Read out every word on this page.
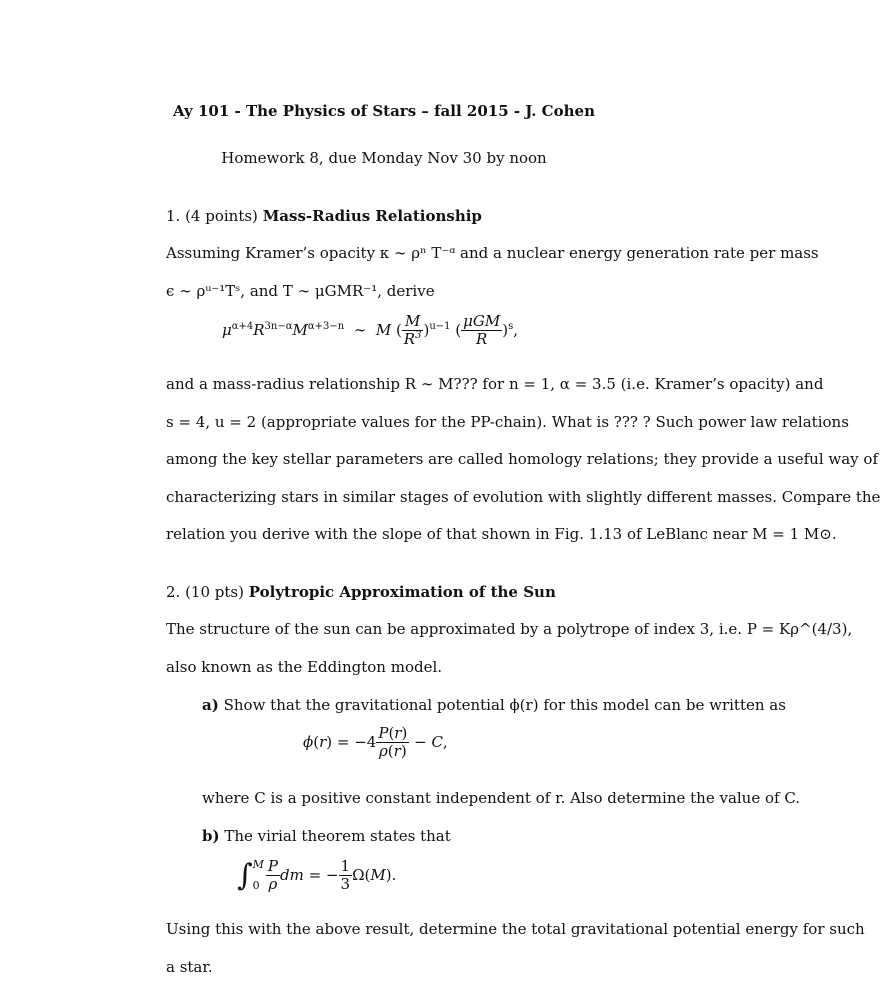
Ay 101 - The Physics of Stars – fall 2015 - J. Cohen
Homework 8, due Monday Nov 30 by noon
1. (4 points) Mass-Radius Relationship
Assuming Kramer’s opacity κ ∼ ρⁿ T⁻ᵅ and a nuclear energy generation rate per mass
ϵ ∼ ρᵘ⁻¹Tˢ, and T ∼ μGMR⁻¹, derive
$\mu^{\alpha+4}R^{3n-\alpha}M^{\alpha+3-n}$  ∼  M ( $\frac{M}{R^3} )^{u-1}$ ( $\frac{\text{μGM}}{R} )^s$,
and a mass-radius relationship R ∼ M??? for n = 1, α = 3.5 (i.e. Kramer’s opacity) and
s = 4, u = 2 (appropriate values for the PP-chain). What is ??? ? Such power law relations
among the key stellar parameters are called homology relations; they provide a useful way of
characterizing stars in similar stages of evolution with slightly different masses. Compare the
relation you derive with the slope of that shown in Fig. 1.13 of LeBlanc near M = 1 M⊙.
2. (10 pts) Polytropic Approximation of the Sun
The structure of the sun can be approximated by a polytrope of index 3, i.e. P = Kρ^(4/3),
also known as the Eddington model.
a) Show that the gravitational potential ϕ(r) for this model can be written as
$\phi(r) = -4 \frac{P(r)}{\rho(r)} - C$,
where C is a positive constant independent of r. Also determine the value of C.
b) The virial theorem states that
∫ M
$0 \frac{P}{\rho}$ dm = − $\frac{1}{3} \Omega(M)$.
Using this with the above result, determine the total gravitational potential energy for such
a star.
